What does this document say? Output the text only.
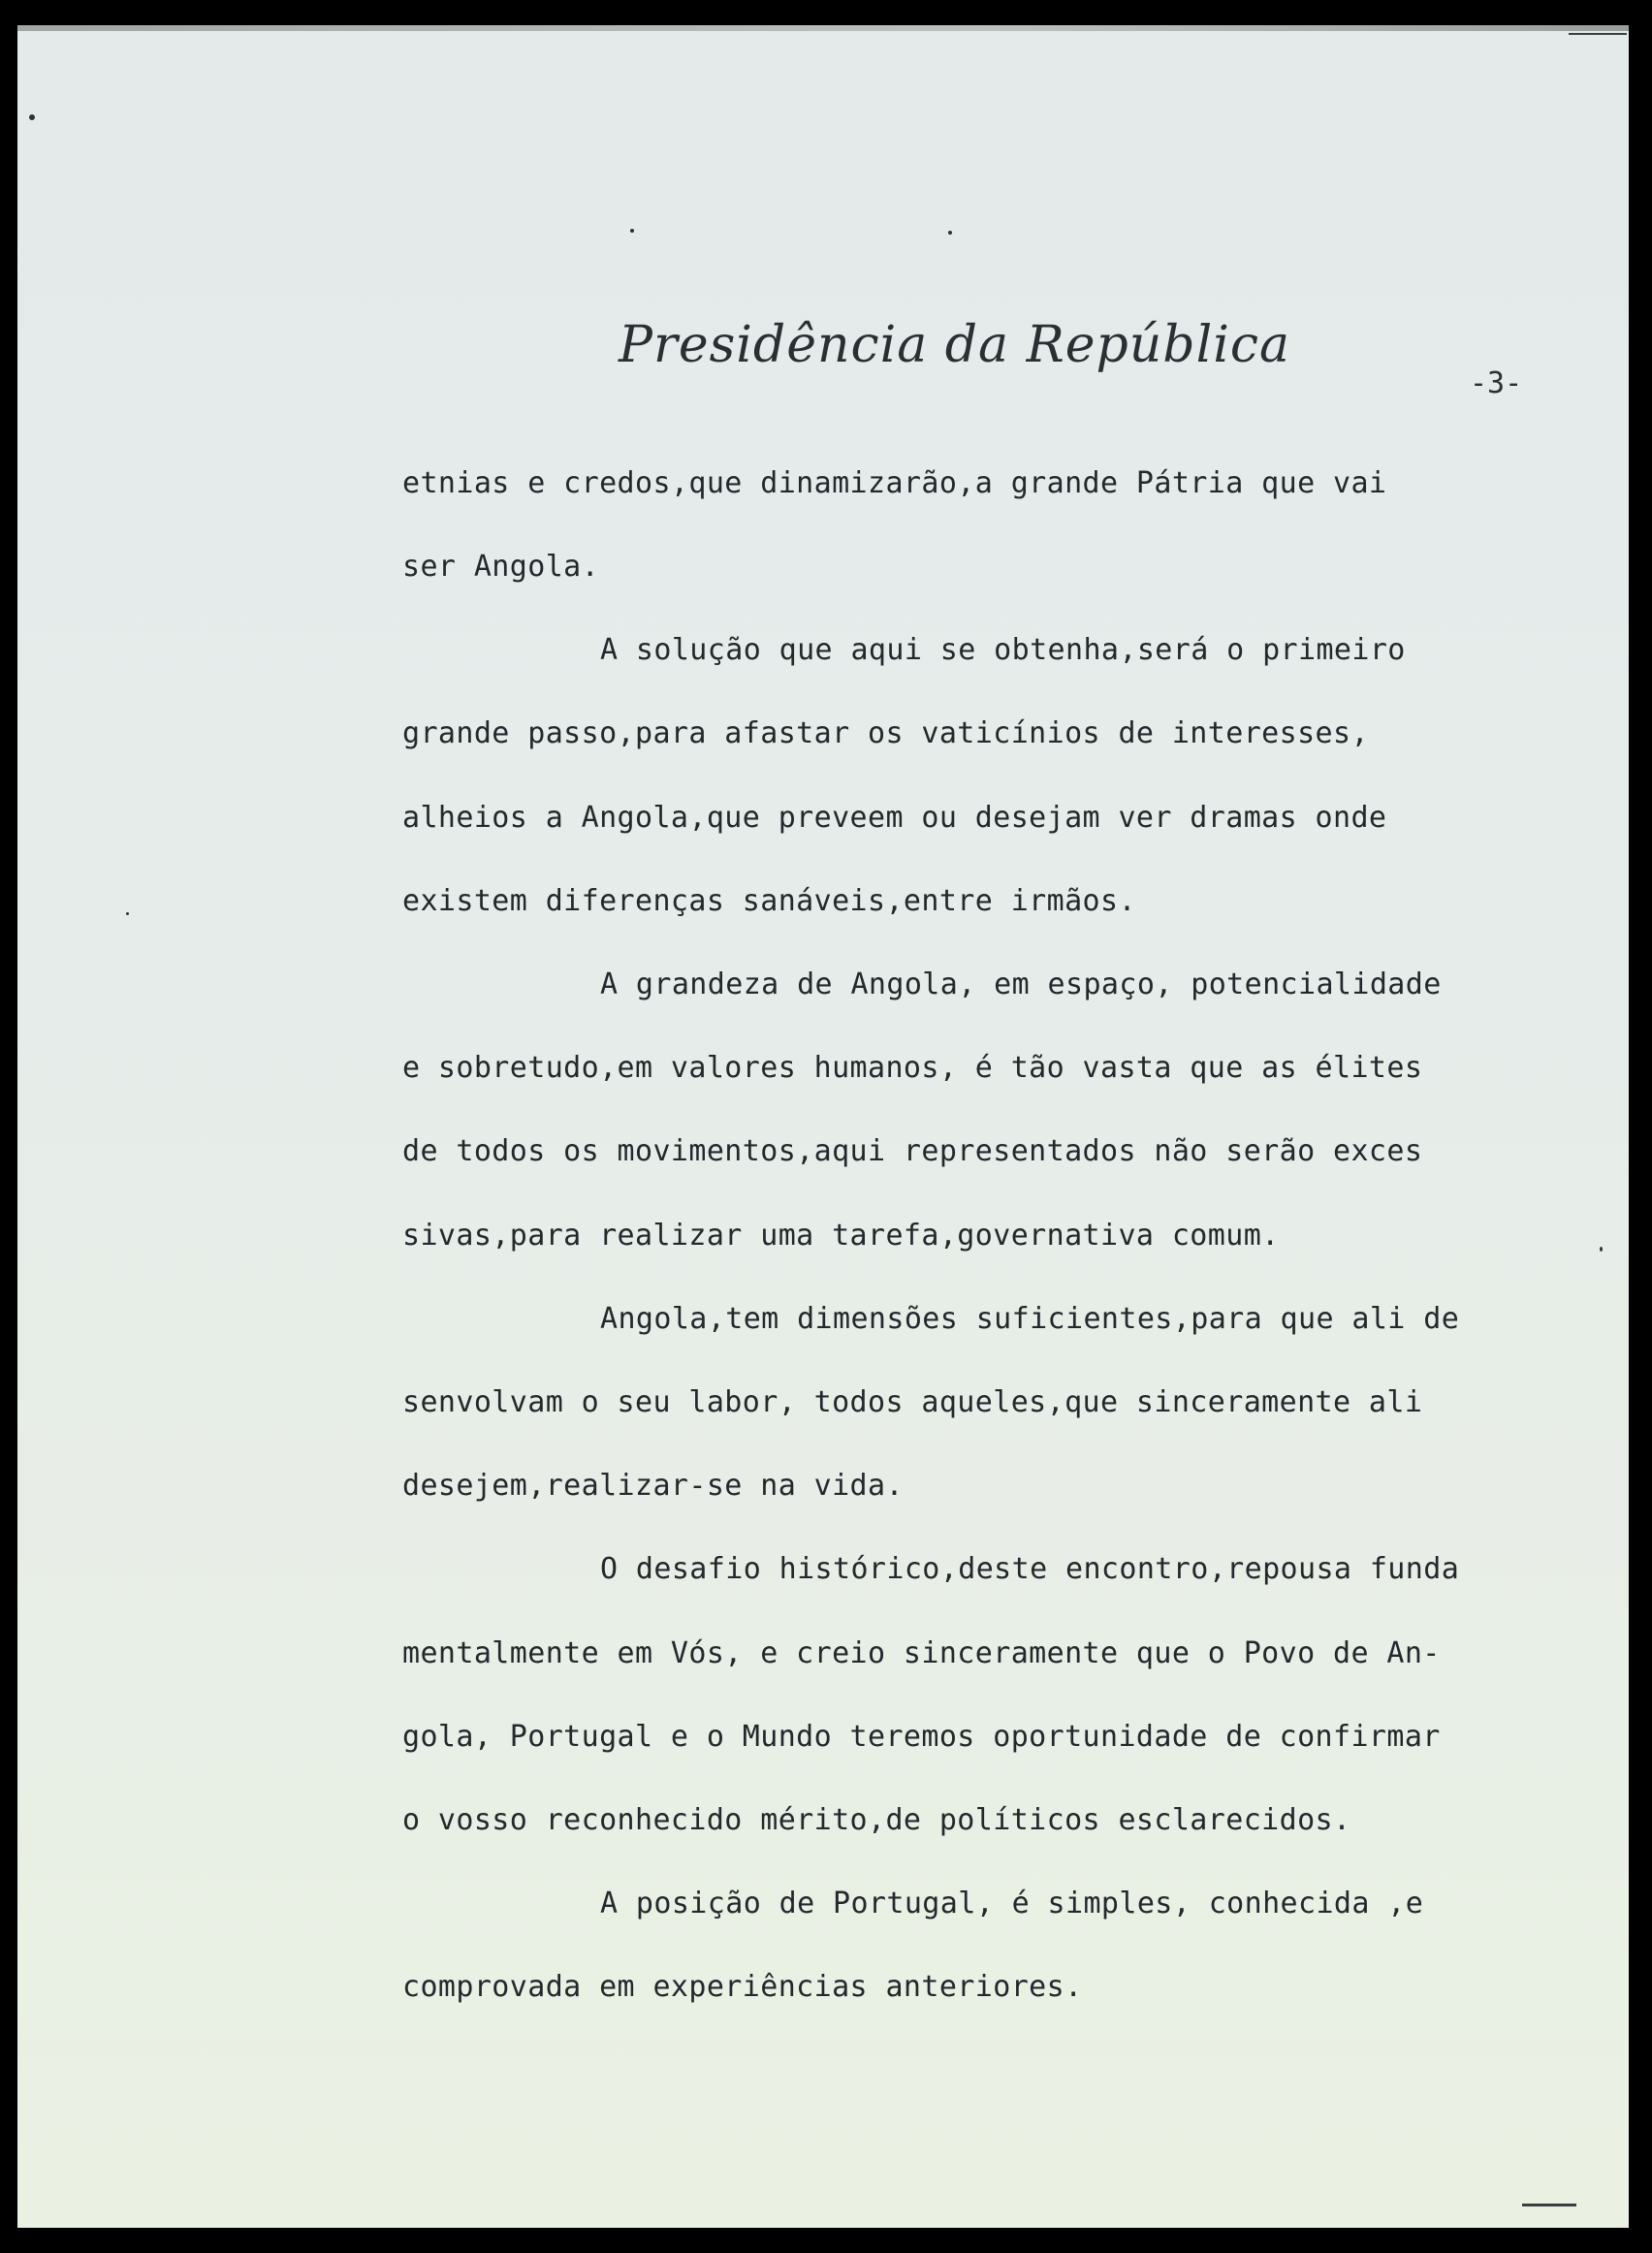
Presidência da República
-3-
etnias e credos,que dinamizarão,a grande Pátria que vai
ser Angola.
A solução que aqui se obtenha,será o primeiro
grande passo,para afastar os vaticínios de interesses,
alheios a Angola,que preveem ou desejam ver dramas onde
existem diferenças sanáveis,entre irmãos.
A grandeza de Angola, em espaço, potencialidade
e sobretudo,em valores humanos, é tão vasta que as élites
de todos os movimentos,aqui representados não serão exces
sivas,para realizar uma tarefa,governativa comum.
Angola,tem dimensões suficientes,para que ali de
senvolvam o seu labor, todos aqueles,que sinceramente ali
desejem,realizar-se na vida.
O desafio histórico,deste encontro,repousa funda
mentalmente em Vós, e creio sinceramente que o Povo de An-
gola, Portugal e o Mundo teremos oportunidade de confirmar
o vosso reconhecido mérito,de políticos esclarecidos.
A posição de Portugal, é simples, conhecida ,e
comprovada em experiências anteriores.
